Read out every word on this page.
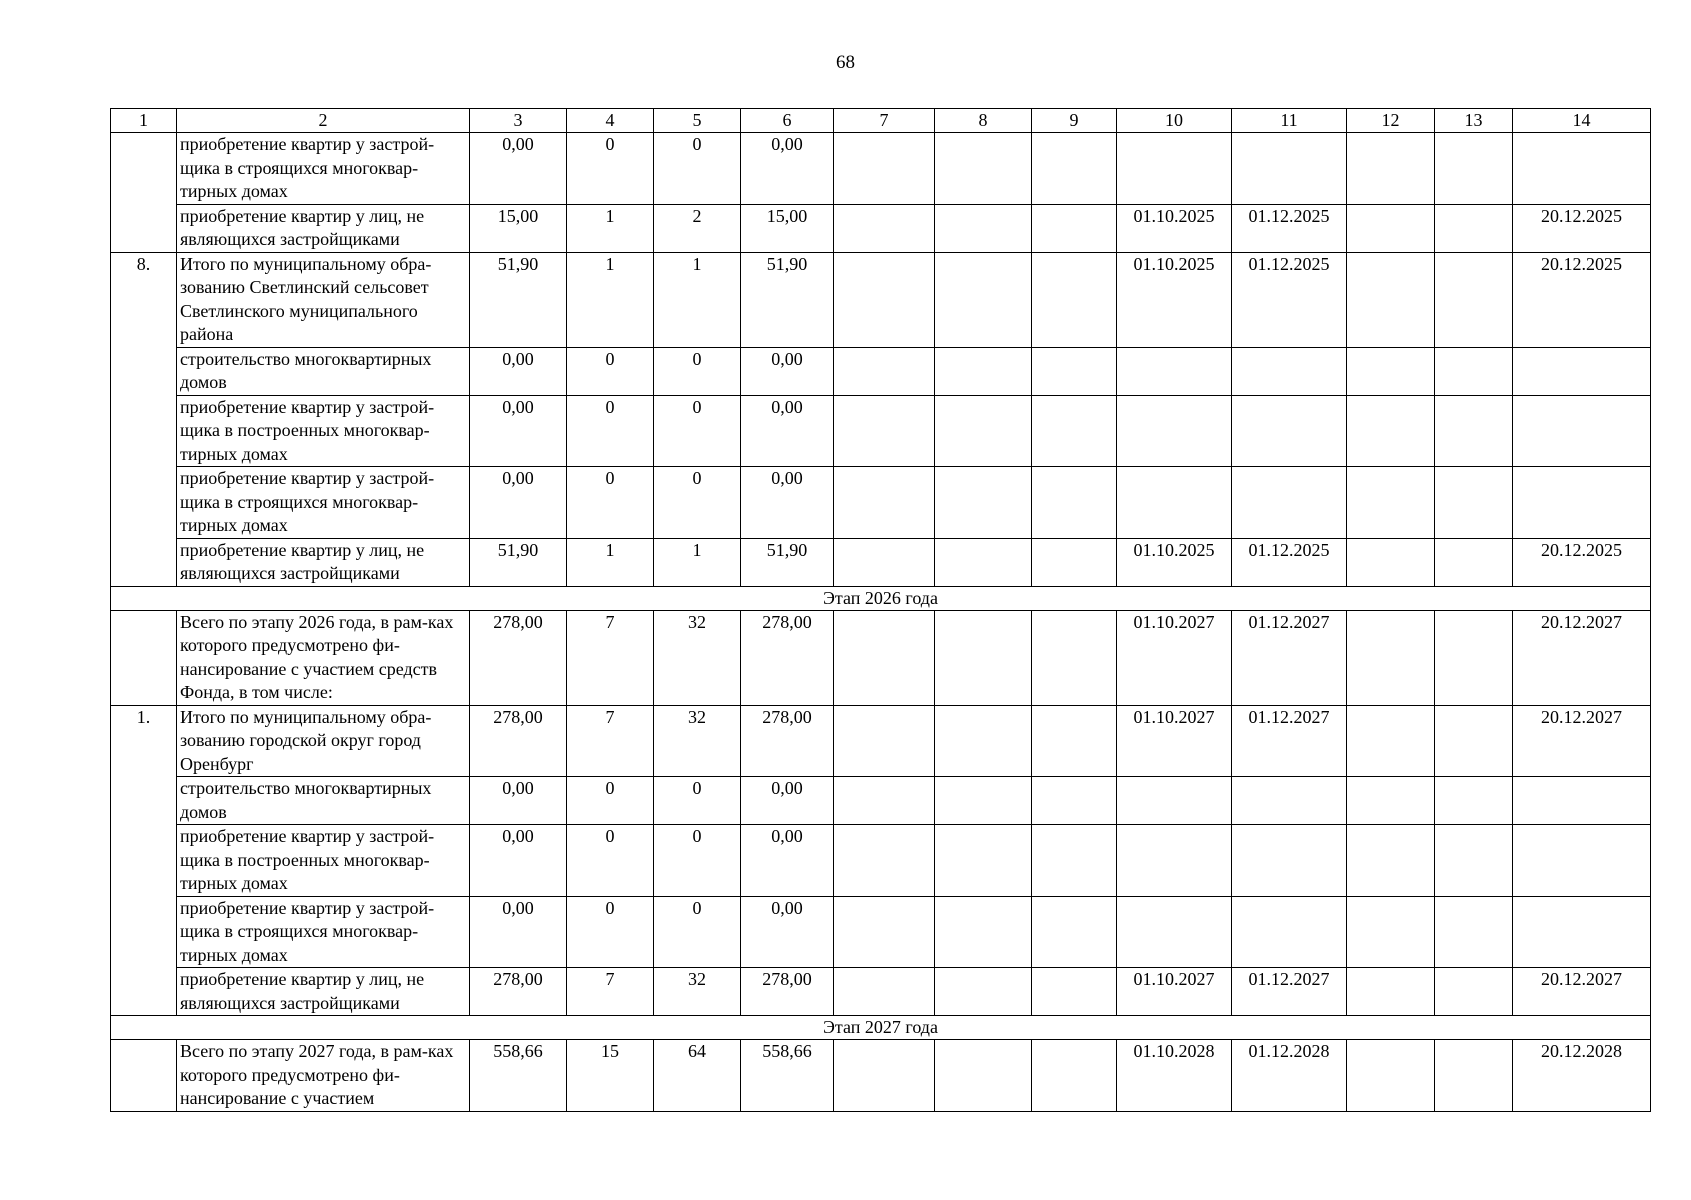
68
1	2	3	4	5	6	7	8	9	10	11	12	13	14
	приобретение квартир у застрой-щика в строящихся многоквар-тирных домах	0,00	0	0	0,00								
	приобретение квартир у лиц, не являющихся застройщиками	15,00	1	2	15,00				01.10.2025	01.12.2025			20.12.2025
8.	Итого по муниципальному обра-зованию Светлинский сельсовет Светлинского муниципального района	51,90	1	1	51,90				01.10.2025	01.12.2025			20.12.2025
	строительство многоквартирных домов	0,00	0	0	0,00								
	приобретение квартир у застрой-щика в построенных многоквар-тирных домах	0,00	0	0	0,00								
	приобретение квартир у застрой-щика в строящихся многоквар-тирных домах	0,00	0	0	0,00								
	приобретение квартир у лиц, не являющихся застройщиками	51,90	1	1	51,90				01.10.2025	01.12.2025			20.12.2025
Этап 2026 года													
	Всего по этапу 2026 года, в рам-ках которого предусмотрено фи-нансирование с участием средств Фонда, в том числе:	278,00	7	32	278,00				01.10.2027	01.12.2027			20.12.2027
1.	Итого по муниципальному обра-зованию городской округ город Оренбург	278,00	7	32	278,00				01.10.2027	01.12.2027			20.12.2027
	строительство многоквартирных домов	0,00	0	0	0,00								
	приобретение квартир у застрой-щика в построенных многоквар-тирных домах	0,00	0	0	0,00								
	приобретение квартир у застрой-щика в строящихся многоквар-тирных домах	0,00	0	0	0,00								
	приобретение квартир у лиц, не являющихся застройщиками	278,00	7	32	278,00				01.10.2027	01.12.2027			20.12.2027
Этап 2027 года													
	Всего по этапу 2027 года, в рам-ках которого предусмотрено фи-нансирование с участием	558,66	15	64	558,66				01.10.2028	01.12.2028			20.12.2028
